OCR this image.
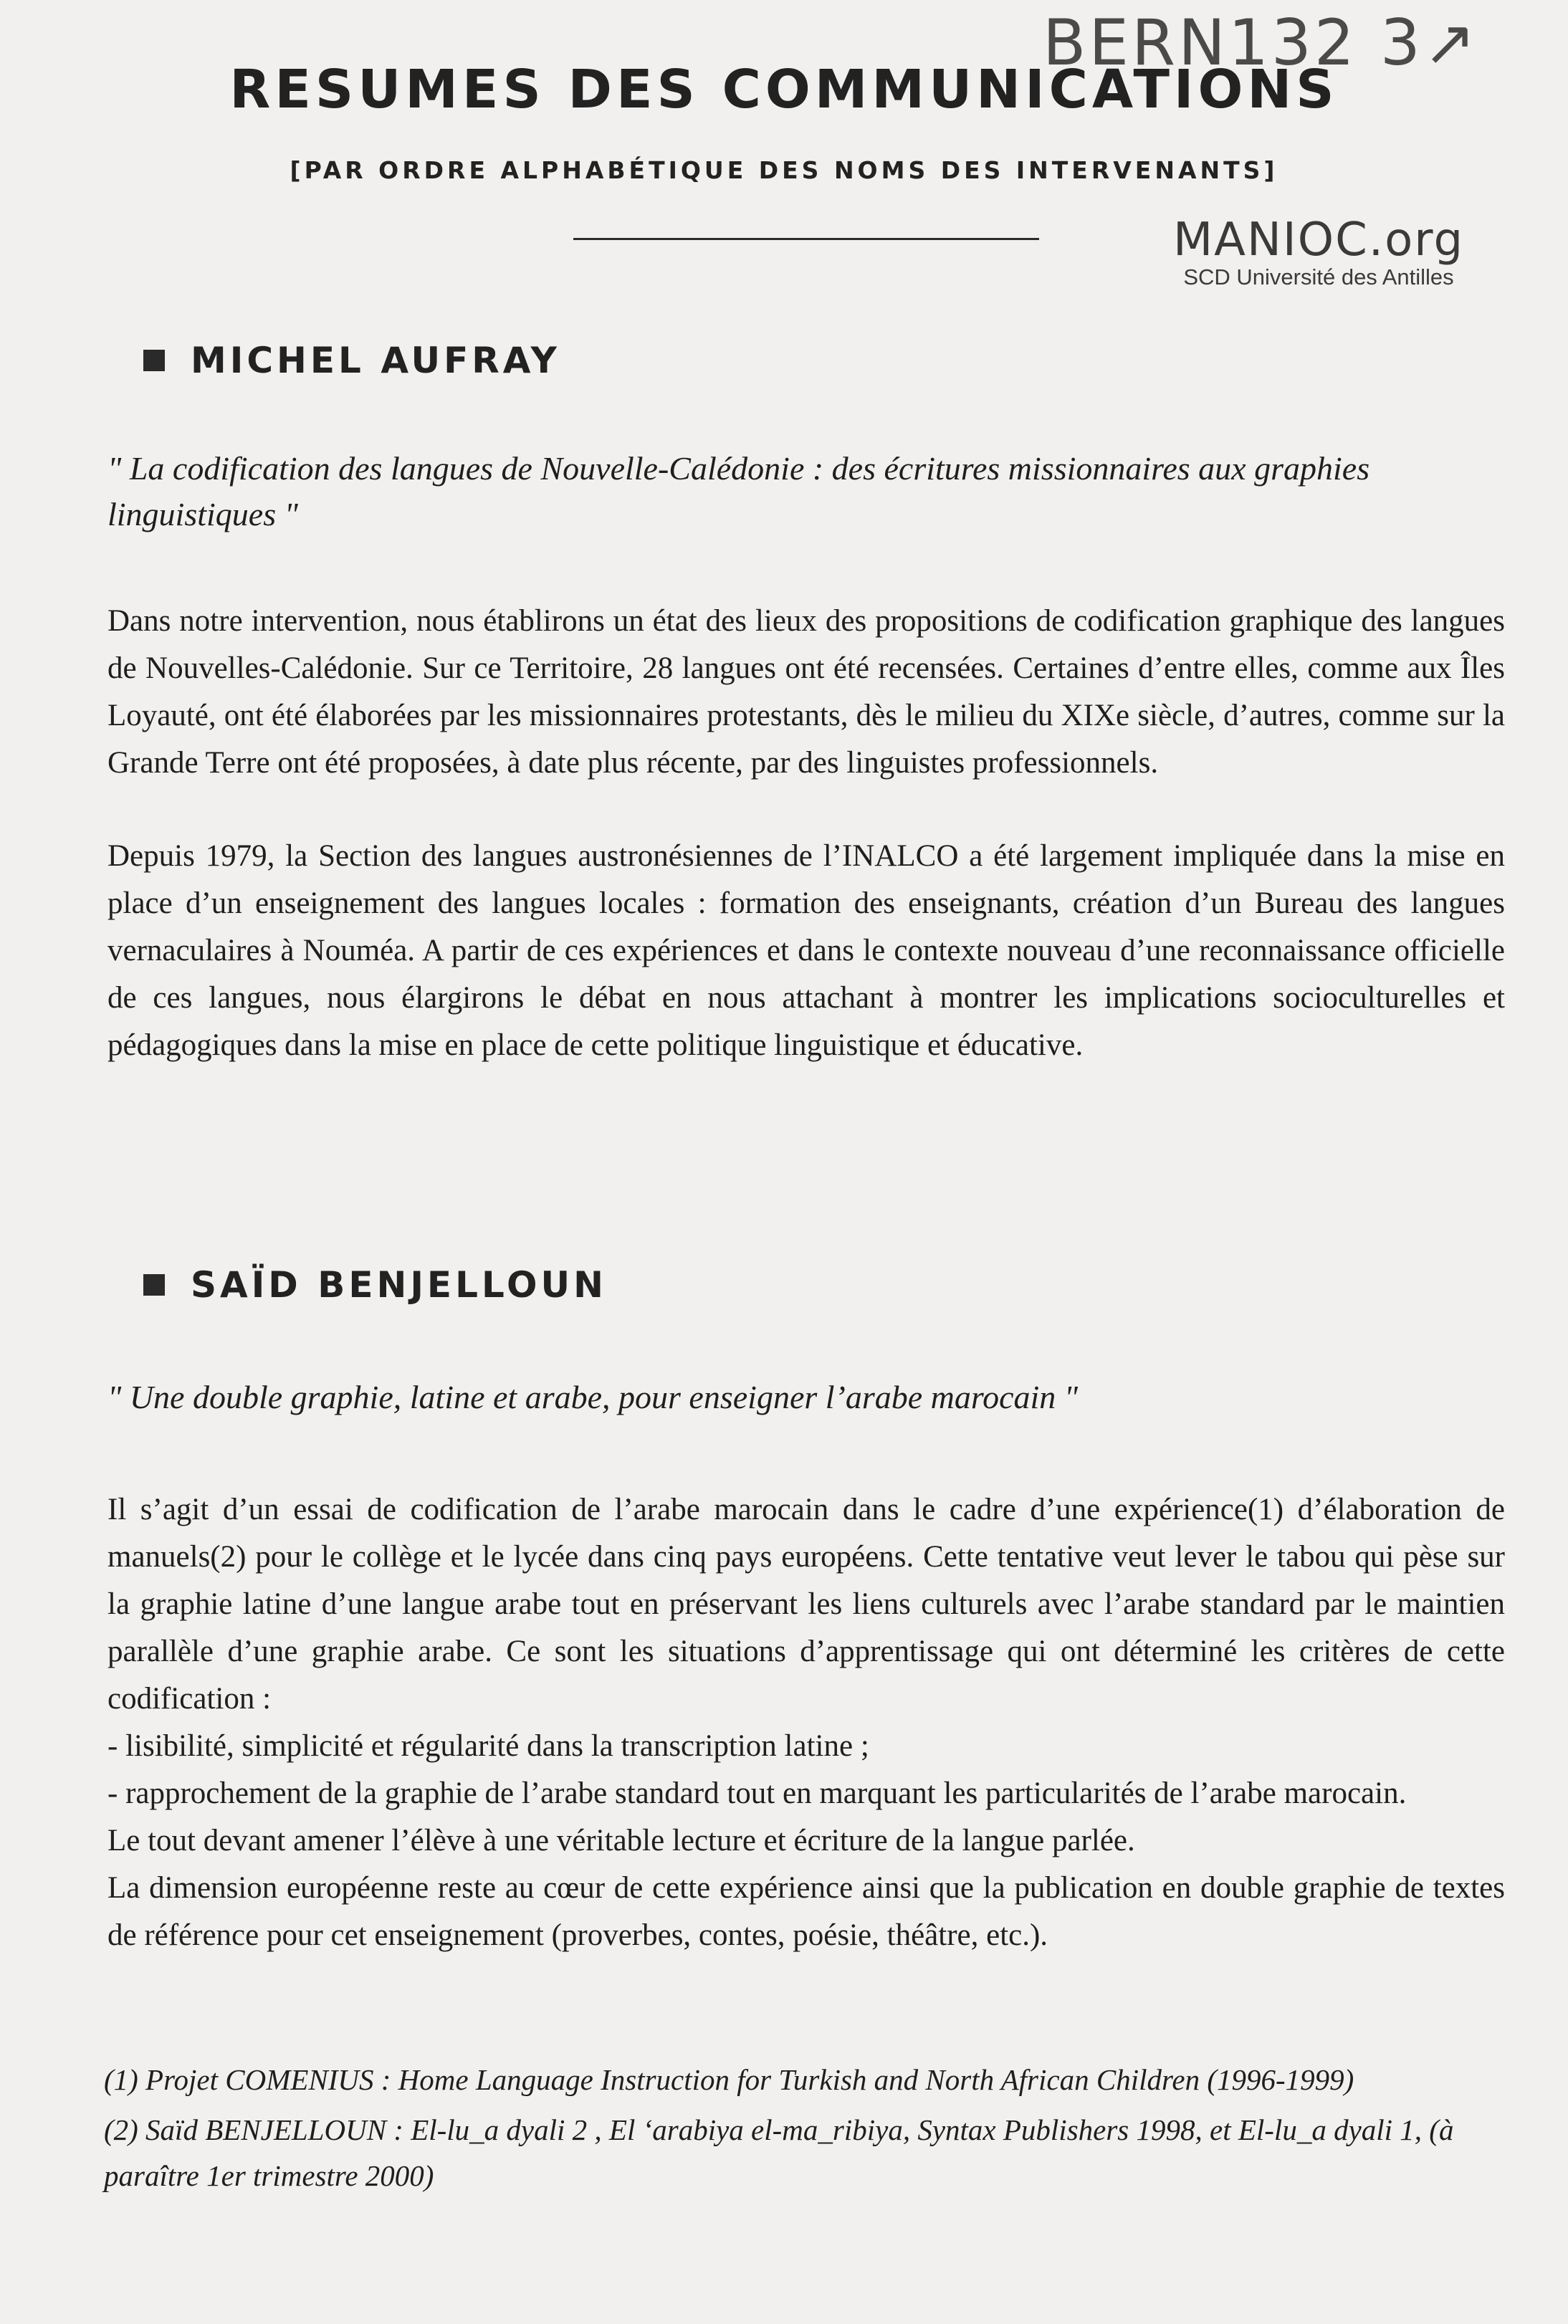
BERN132 3↗
RESUMES DES COMMUNICATIONS
[PAR ORDRE ALPHABÉTIQUE DES NOMS DES INTERVENANTS]
MANIOC.org
SCD Université des Antilles
MICHEL AUFRAY
" La codification des langues de Nouvelle-Calédonie : des écritures missionnaires aux graphies linguistiques "

Dans notre intervention, nous établirons un état des lieux des propositions de codification graphique des langues de Nouvelles-Calédonie. Sur ce Territoire, 28 langues ont été recensées. Certaines d’entre elles, comme aux Îles Loyauté, ont été élaborées par les missionnaires protestants, dès le milieu du XIXe siècle, d’autres, comme sur la Grande Terre ont été proposées, à date plus récente, par des linguistes professionnels.

Depuis 1979, la Section des langues austronésiennes de l’INALCO a été largement impliquée dans la mise en place d’un enseignement des langues locales : formation des enseignants, création d’un Bureau des langues vernaculaires à Nouméa. A partir de ces expériences et dans le contexte nouveau d’une reconnaissance officielle de ces langues, nous élargirons le débat en nous attachant à montrer les implications socioculturelles et pédagogiques dans la mise en place de cette politique linguistique et éducative.

SAÏD BENJELLOUN
" Une double graphie, latine et arabe, pour enseigner l’arabe marocain "

Il s’agit d’un essai de codification de l’arabe marocain dans le cadre d’une expérience(1) d’élaboration de manuels(2) pour le collège et le lycée dans cinq pays européens. Cette tentative veut lever le tabou qui pèse sur la graphie latine d’une langue arabe tout en préservant les liens culturels avec l’arabe standard par le maintien parallèle d’une graphie arabe. Ce sont les situations d’apprentissage qui ont déterminé les critères de cette codification :

- lisibilité, simplicité et régularité dans la transcription latine ;

- rapprochement de la graphie de l’arabe standard tout en marquant les particularités de l’arabe marocain.

Le tout devant amener l’élève à une véritable lecture et écriture de la langue parlée.

La dimension européenne reste au cœur de cette expérience ainsi que la publication en double graphie de textes de référence pour cet enseignement (proverbes, contes, poésie, théâtre, etc.).

(1) Projet COMENIUS : Home Language Instruction for Turkish and North African Children (1996-1999)

(2) Saïd BENJELLOUN : El-lu_a dyali 2 , El ‘arabiya el-ma_ribiya, Syntax Publishers 1998, et El-lu_a dyali 1, (à paraître 1er trimestre 2000)
